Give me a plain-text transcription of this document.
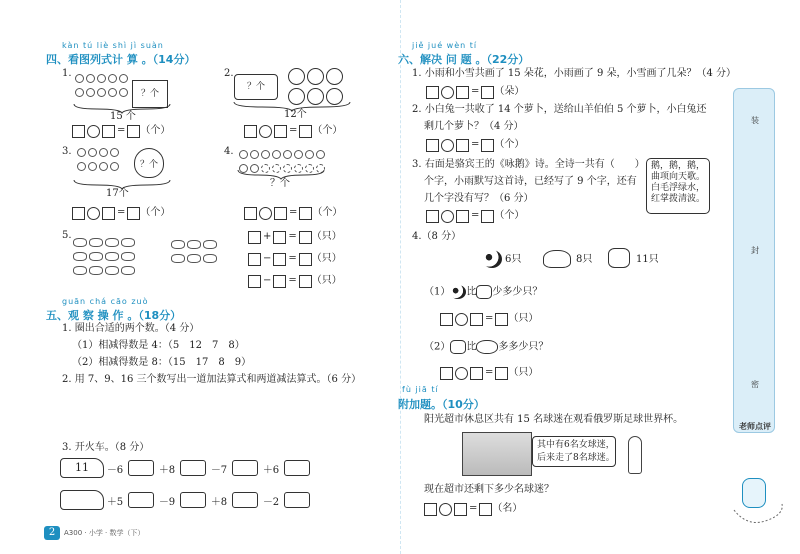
kàn tú liè shì jì suàn
四、看图列式计 算 。（14分）
1.
？个
15 个
= （个）
2.
？个

12个
= （个）
3.
？个
17个
= （个）
4.
？个
= （个）
5.	+ = （只）
− = （只）
− = （只）
guān chá cāo zuò
五、观 察 操 作 。（18分）
1. 圈出合适的两个数。（4 分）
（1）相减得数是 4：（5　12　7　8）
（2）相减得数是 8：（15　17　8　9）
2. 用 7、9、16 三个数写出一道加法算式和两道减法算式。（6 分）
3. 开火车。（8 分）
11 －6	＋8	－7	＋6
＋5	－9	＋8	－2
2	A300 · 小学 · 数学（下）
jiě jué wèn tí
六、解决 问 题 。（22分）
1. 小雨和小雪共画了 15 朵花，小雨画了 9 朵，小雪画了几朵？（4 分）
= （朵）
2. 小白兔一共收了 14 个萝卜，送给山羊伯伯 5 个萝卜，小白兔还
剩几个萝卜？（4 分）
= （个）
3. 右面是骆宾王的《咏鹅》诗。全诗一共有（　　）
个字，小雨默写这首诗，已经写了 9 个字，还有
几个字没有写？（6 分）
鹅，鹅，鹅，
曲项向天歌。
白毛浮绿水，
红掌拨清波。
= （个）
4.（8 分）
6只	8只	11只
（1） 比 少多少只？
= （只）
（2） 比 多多少只？
= （只）
fù jiā tí
附加题。（10分）
阳光超市休息区共有 15 名球迷在观看俄罗斯足球世界杯。
其中有6名女球迷，
后来走了8名球迷。
现在超市还剩下多少名球迷？
= （名）
装
封
密
老师点评
